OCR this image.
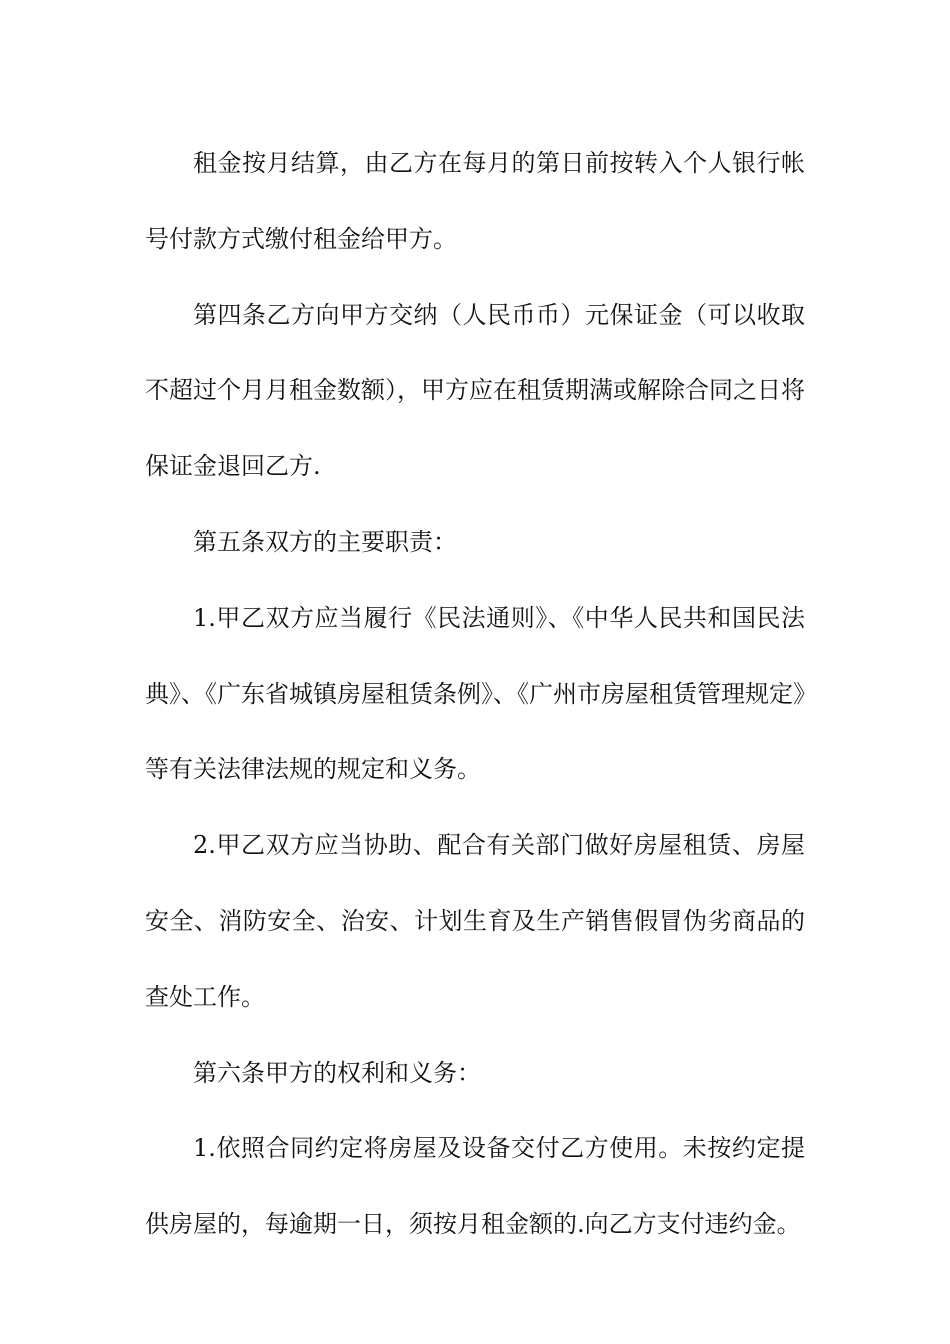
租金按月结算，由乙方在每月的第日前按转入个人银行帐号付款方式缴付租金给甲方。

第四条乙方向甲方交纳（人民币币）元保证金（可以收取不超过个月月租金数额），甲方应在租赁期满或解除合同之日将保证金退回乙方.

第五条双方的主要职责：

1.甲乙双方应当履行《民法通则》、《中华人民共和国民法典》、《广东省城镇房屋租赁条例》、《广州市房屋租赁管理规定》等有关法律法规的规定和义务。

2.甲乙双方应当协助、配合有关部门做好房屋租赁、房屋安全、消防安全、治安、计划生育及生产销售假冒伪劣商品的查处工作。

第六条甲方的权利和义务：

1.依照合同约定将房屋及设备交付乙方使用。未按约定提供房屋的，每逾期一日，须按月租金额的.向乙方支付违约金。
